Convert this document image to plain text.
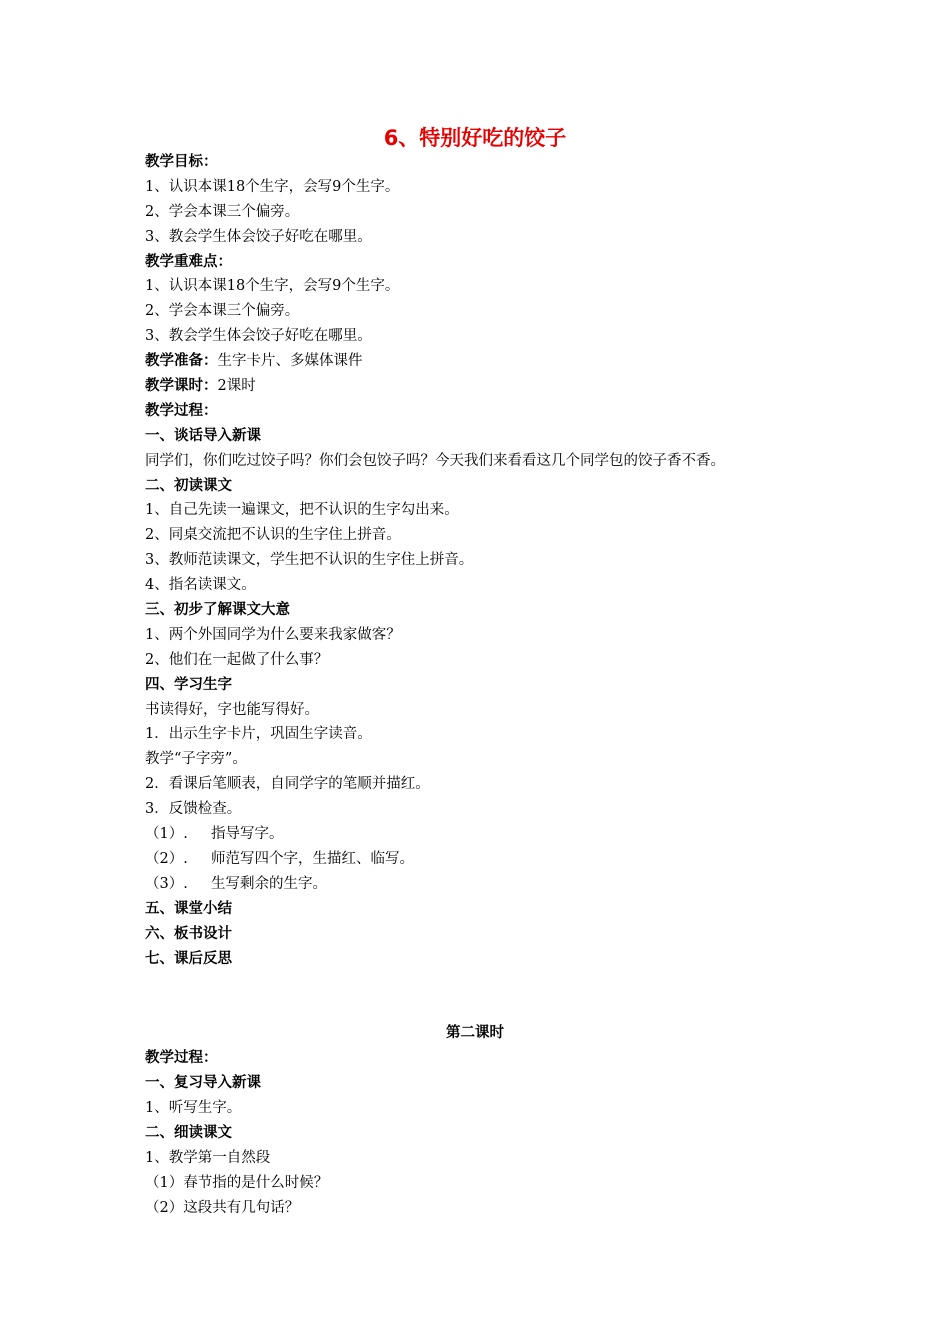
6、特别好吃的饺子
教学目标：
1、认识本课18个生字，会写9个生字。
2、学会本课三个偏旁。
3、教会学生体会饺子好吃在哪里。
教学重难点：
1、认识本课18个生字，会写9个生字。
2、学会本课三个偏旁。
3、教会学生体会饺子好吃在哪里。
教学准备：生字卡片、多媒体课件
教学课时：2课时
教学过程：
一、谈话导入新课
同学们，你们吃过饺子吗？你们会包饺子吗？今天我们来看看这几个同学包的饺子香不香。
二、初读课文
1、自己先读一遍课文，把不认识的生字勾出来。
2、同桌交流把不认识的生字住上拼音。
3、教师范读课文，学生把不认识的生字住上拼音。
4、指名读课文。
三、初步了解课文大意
1、两个外国同学为什么要来我家做客？
2、他们在一起做了什么事？
四、学习生字
书读得好，字也能写得好。
1．出示生字卡片，巩固生字读音。
教学“子字旁”。
2．看课后笔顺表，自同学字的笔顺并描红。
3．反馈检查。
（1）. 指导写字。
（2）. 师范写四个字，生描红、临写。
（3）. 生写剩余的生字。
五、课堂小结
六、板书设计
七、课后反思
第二课时
教学过程：
一、复习导入新课
1、听写生字。
二、细读课文
1、教学第一自然段
（1）春节指的是什么时候？
（2）这段共有几句话？
